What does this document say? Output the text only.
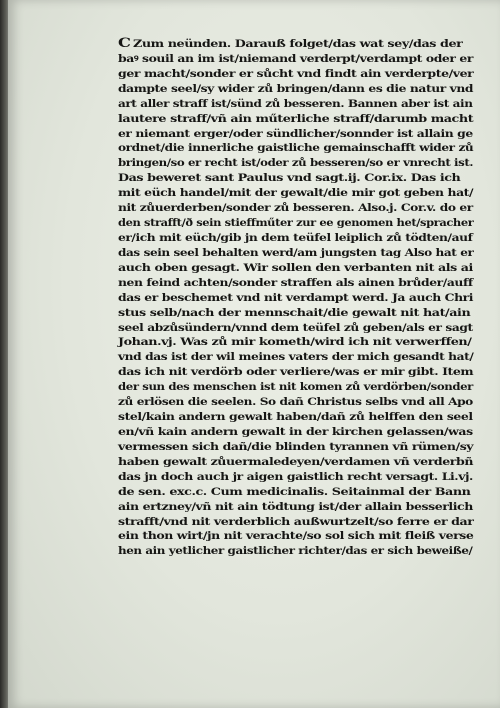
C Zum neünden. Darauß folget/das wat sey/das der
baꝰ souil an im ist/niemand verderpt/verdampt oder er
ger macht/sonder er sůcht vnd findt ain verderpte/ver
dampte seel/sy wider zů bringen/dann es die natur vnd
art aller straff ist/sünd zů besseren. Bannen aber ist ain
lautere straff/vñ ain műterliche straff/darumb macht
er niemant erger/oder sündlicher/sonnder ist allain ge
ordnet/die innerliche gaistliche gemainschafft wider zů
bringen/so er recht ist/oder zů besseren/so er vnrecht ist.
Das beweret sant Paulus vnd sagt.ij. Cor.ix. Das ich
mit eüch handel/mit der gewalt/die mir got geben hat/
nit zůuerderben/sonder zů besseren. Also.j. Cor.v. do er
den strafft/ð sein stieffműter zur ee genomen het/spracher
er/ich mit eüch/gib jn dem teüfel leiplich zů tödten/auf
das sein seel behalten werd/am jungsten tag Also hat er
auch oben gesagt. Wir sollen den verbanten nit als ai
nen feind achten/sonder straffen als ainen brůder/auff
das er beschemet vnd nit verdampt werd. Ja auch Chri
stus selb/nach der mennschait/die gewalt nit hat/ain
seel abzůsündern/vnnd dem teüfel zů geben/als er sagt
Johan.vj. Was zů mir kometh/wird ich nit verwerffen/
vnd das ist der wil meines vaters der mich gesandt hat/
das ich nit verdörb oder verliere/was er mir gibt. Item
der sun des menschen ist nit komen zů verdörben/sonder
zů erlösen die seelen. So dañ Christus selbs vnd all Apo
stel/kain andern gewalt haben/dañ zů helffen den seel
en/vñ kain andern gewalt in der kirchen gelassen/was
vermessen sich dañ/die blinden tyrannen vñ rümen/sy
haben gewalt zůuermaledeyen/verdamen vñ verderbñ
das jn doch auch jr aigen gaistlich recht versagt. Li.vj.
de sen. exc.c. Cum medicinalis. Seitainmal der Bann
ain ertzney/vñ nit ain tödtung ist/der allain besserlich
strafft/vnd nit verderblich außwurtzelt/so ferre er dar
ein thon wirt/jn nit verachte/so sol sich mit fleiß verse
hen ain yetlicher gaistlicher richter/das er sich beweiße/
